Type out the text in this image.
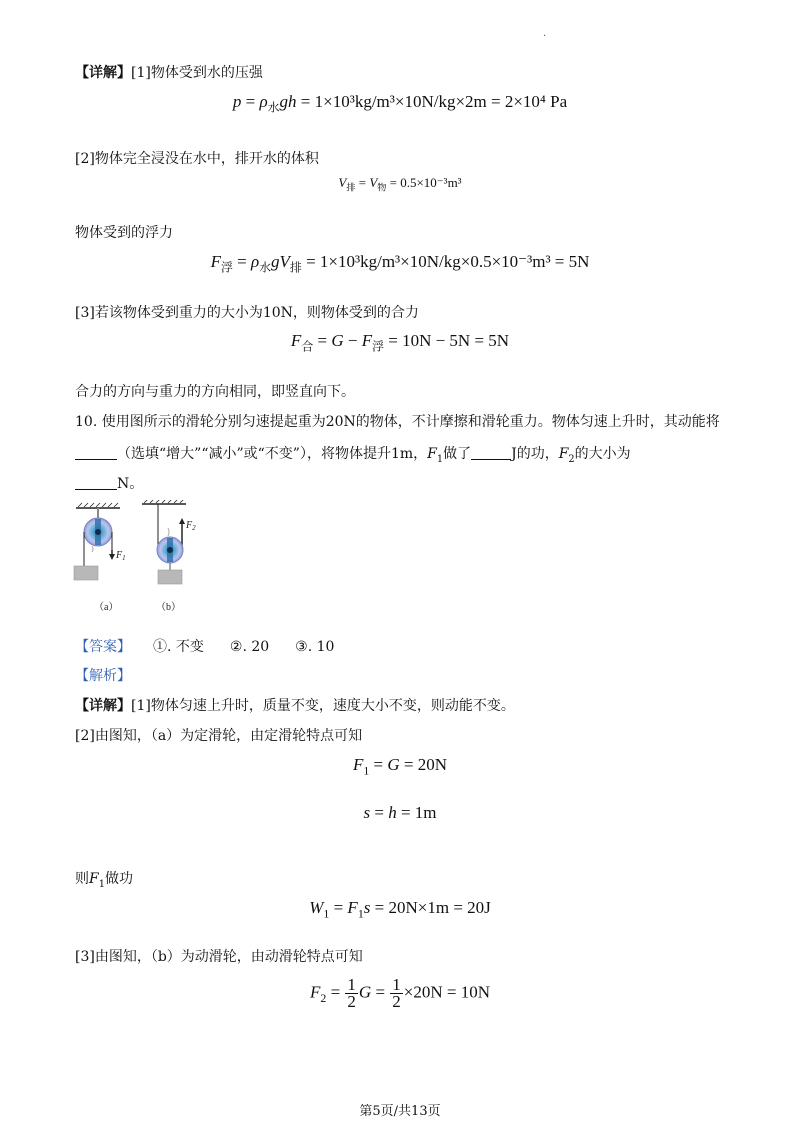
.
【详解】[1]物体受到水的压强
$p = \rho_水gh = 1\times 10^3kg/m^3\times 10N/kg\times 2m = 2\times 10^4$ Pa
[2]物体完全浸没在水中，排开水的体积
$V_排 = V_物 = 0.5\times 10^{-3}m^3$
物体受到的浮力
$F_浮 = \rho_水gV_排 = 1\times 10^3kg/m^3\times 10N/kg\times 0.5\times 10^{-3}m^3 = 5N$
[3]若该物体受到重力的大小为10N，则物体受到的合力
$F_合 = G - F_浮 = 10N - 5N = 5N$
合力的方向与重力的方向相同，即竖直向下。
10. 使用图所示的滑轮分别匀速提起重为20N的物体，不计摩擦和滑轮重力。物体匀速上升时，其动能将
（选填“增大”“减小”或“不变”），将物体提升1m，$F_1$做了	J的功，$F_2$的大小为
N。
$F_1$
$F_2$
（a）	（b）
【答案】 ①. 不变 ②. 20 ③. 10
【解析】
【详解】[1]物体匀速上升时，质量不变，速度大小不变，则动能不变。
[2]由图知，（a）为定滑轮，由定滑轮特点可知
$F_1 = G = 20N$
s = h = 1m
则$F_1$做功
$W_1 = F_1s = 20N\times 1m = 20J$
[3]由图知，（b）为动滑轮，由动滑轮特点可知
$F_2 = \frac{1}{2}$ $G = \frac{1}{2} \times 20N = 10N$
第5页/共13页
